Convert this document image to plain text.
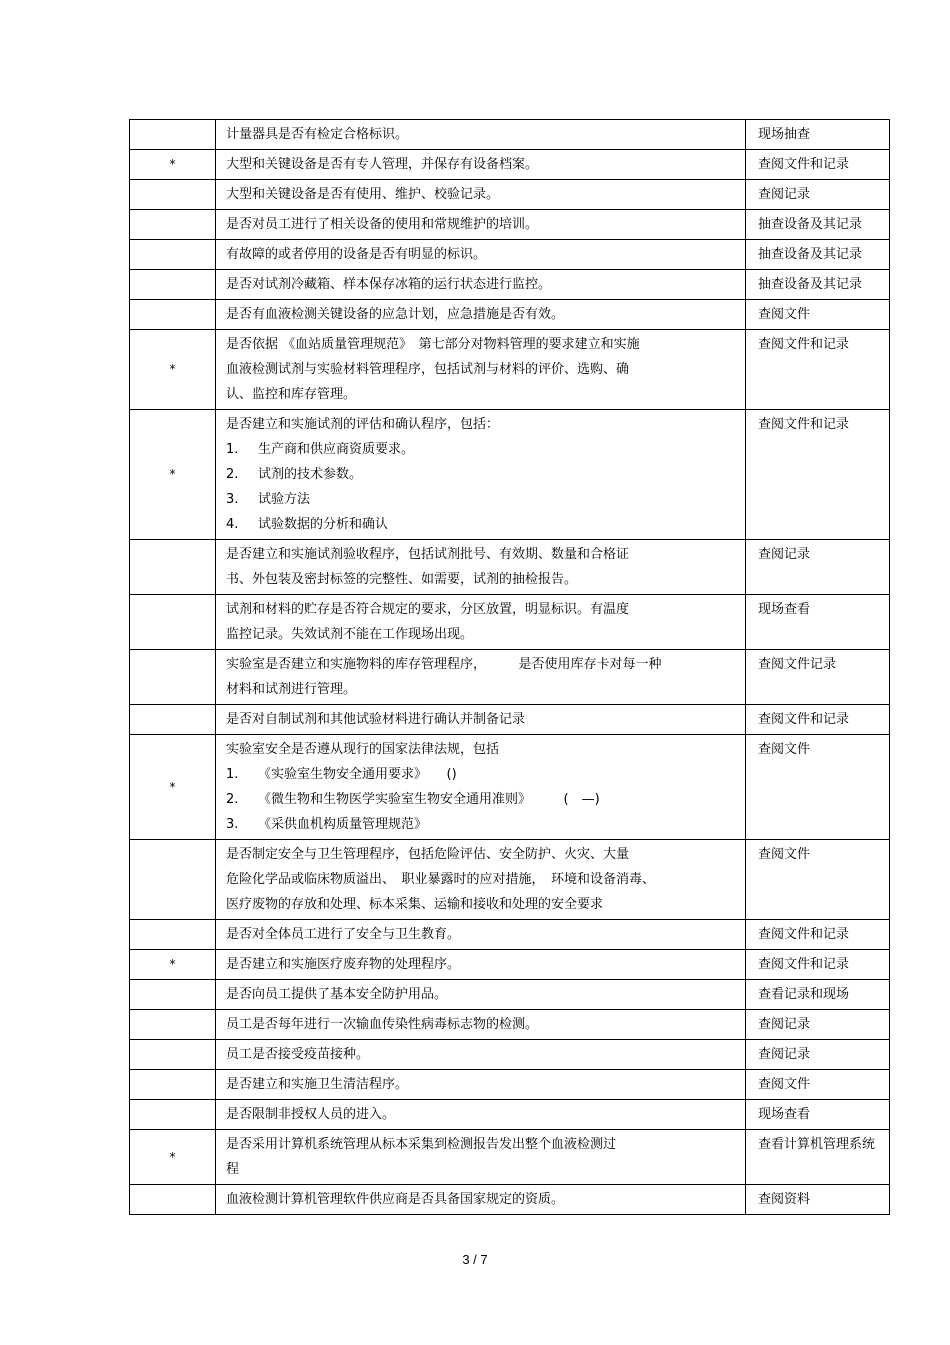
	计量器具是否有检定合格标识。	现场抽查
*	大型和关键设备是否有专人管理，并保存有设备档案。	查阅文件和记录

	大型和关键设备是否有使用、维护、校验记录。	查阅记录

	是否对员工进行了相关设备的使用和常规维护的培训。	抽查设备及其记录

	有故障的或者停用的设备是否有明显的标识。	抽查设备及其记录

	是否对试剂冷藏箱、样本保存冰箱的运行状态进行监控。	抽查设备及其记录

	是否有血液检测关键设备的应急计划，应急措施是否有效。	查阅文件
*	是否依据 《血站质量管理规范》　第七部分对物料管理的要求建立和实施
血液检测试剂与实验材料管理程序，包括试剂与材料的评价、选购、确
认、监控和库存管理。	查阅文件和记录
*	是否建立和实施试剂的评估和确认程序，包括：
1. 生产商和供应商资质要求。
2. 试剂的技术参数。
3. 试验方法
4. 试验数据的分析和确认	查阅文件和记录

	是否建立和实施试剂验收程序，包括试剂批号、有效期、数量和合格证
书、外包装及密封标签的完整性、如需要，试剂的抽检报告。	查阅记录

	试剂和材料的贮存是否符合规定的要求，分区放置，明显标识。有温度
监控记录。失效试剂不能在工作现场出现。	现场查看

	实验室是否建立和实施物料的库存管理程序，　　　是否使用库存卡对每一种
材料和试剂进行管理。	查阅文件记录

	是否对自制试剂和其他试验材料进行确认并制备记录	查阅文件和记录
*	实验室安全是否遵从现行的国家法律法规，包括
1. 《实验室生物安全通用要求》　　()
2. 《微生物和生物医学实验室生物安全通用准则》　　　(　—)
3. 《采供血机构质量管理规范》	查阅文件

	是否制定安全与卫生管理程序，包括危险评估、安全防护、火灾、大量
危险化学品或临床物质溢出、　职业暴露时的应对措施，　环境和设备消毒、
医疗废物的存放和处理、标本采集、运输和接收和处理的安全要求	查阅文件

	是否对全体员工进行了安全与卫生教育。	查阅文件和记录
*	是否建立和实施医疗废弃物的处理程序。	查阅文件和记录

	是否向员工提供了基本安全防护用品。	查看记录和现场

	员工是否每年进行一次输血传染性病毒标志物的检测。	查阅记录

	员工是否接受疫苗接种。	查阅记录

	是否建立和实施卫生清洁程序。	查阅文件

	是否限制非授权人员的进入。	现场查看
*	是否采用计算机系统管理从标本采集到检测报告发出整个血液检测过
程	查看计算机管理系统

	血液检测计算机管理软件供应商是否具备国家规定的资质。	查阅资料
3 / 7
